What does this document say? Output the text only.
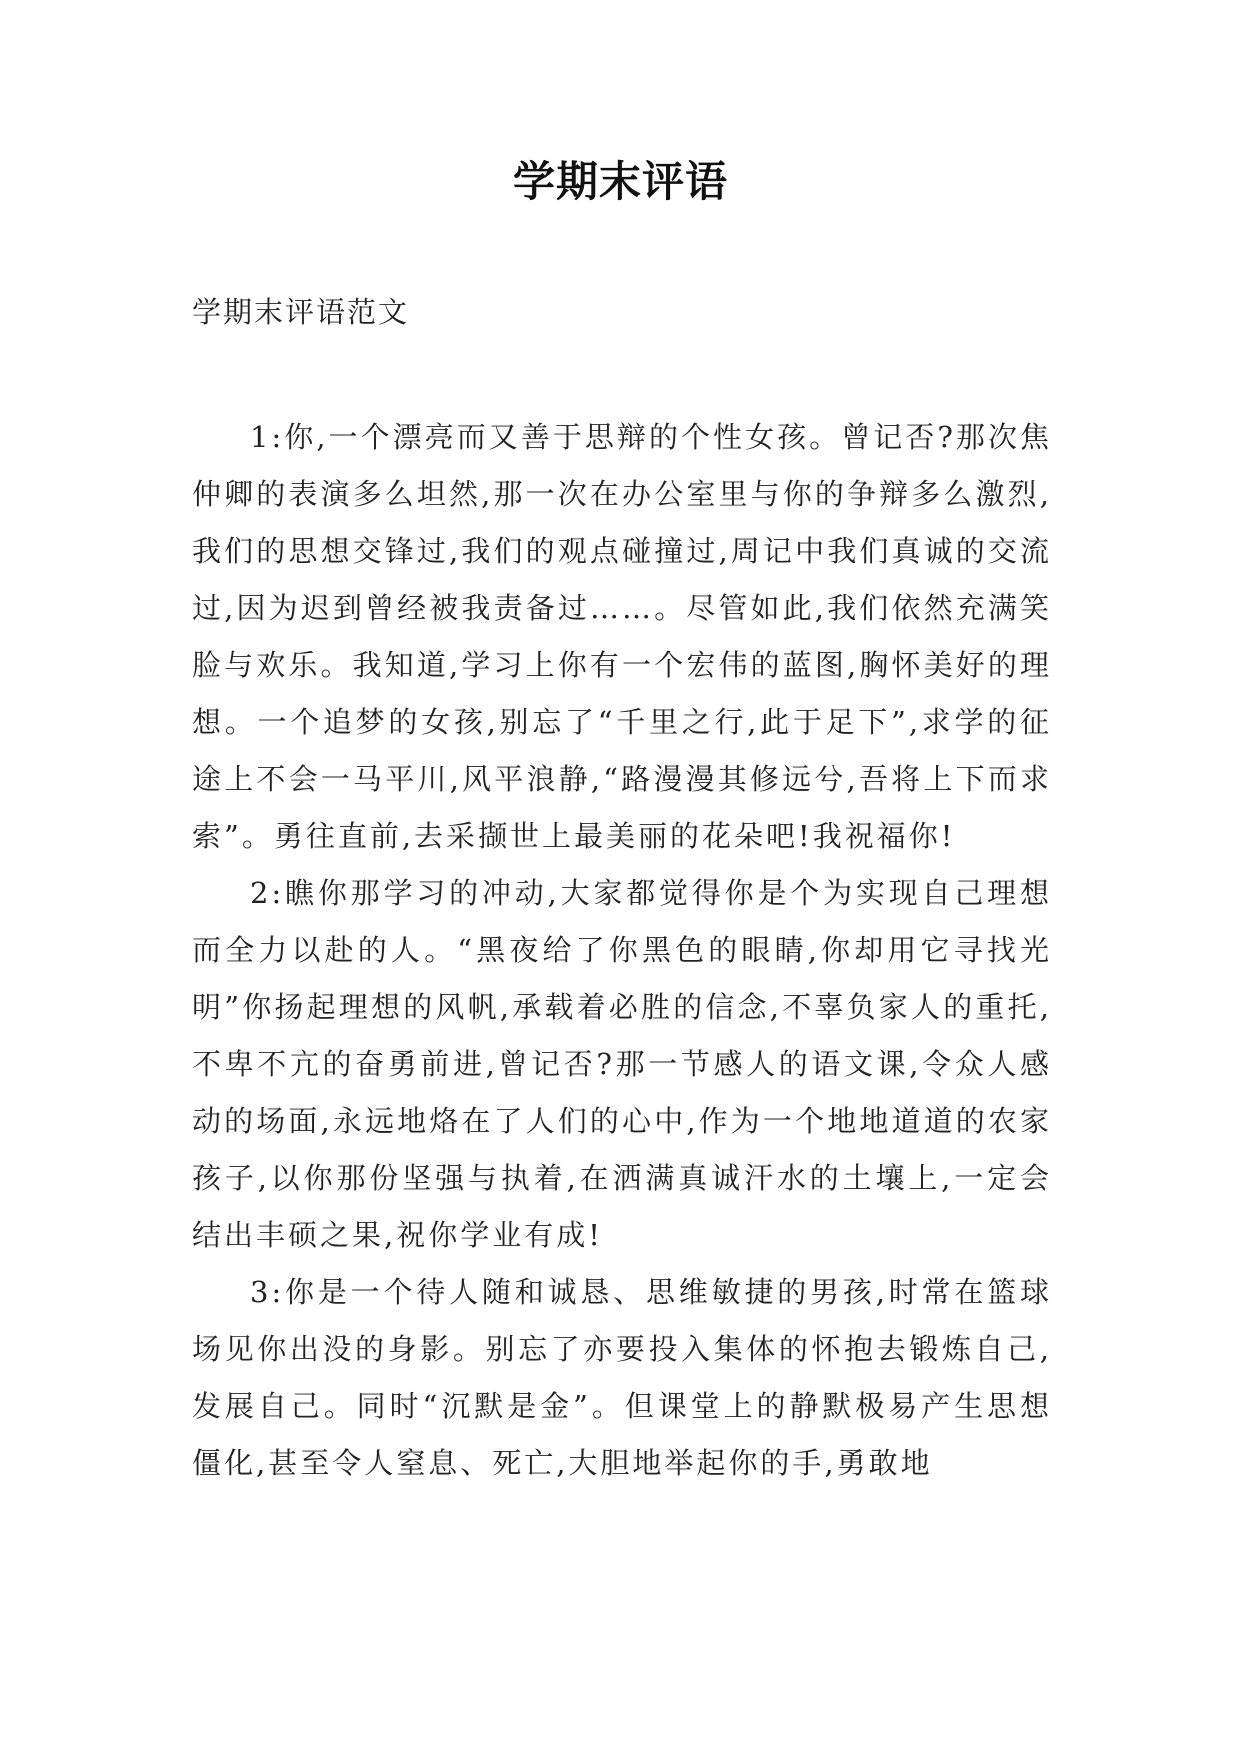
学期末评语
学期末评语范文

1:你,一个漂亮而又善于思辩的个性女孩。曾记否?那次焦仲卿的表演多么坦然,那一次在办公室里与你的争辩多么激烈,我们的思想交锋过,我们的观点碰撞过,周记中我们真诚的交流过,因为迟到曾经被我责备过……。尽管如此,我们依然充满笑脸与欢乐。我知道,学习上你有一个宏伟的蓝图,胸怀美好的理想。一个追梦的女孩,别忘了“千里之行,此于足下”,求学的征途上不会一马平川,风平浪静,“路漫漫其修远兮,吾将上下而求索”。勇往直前,去采撷世上最美丽的花朵吧!我祝福你!

2:瞧你那学习的冲动,大家都觉得你是个为实现自己理想而全力以赴的人。“黑夜给了你黑色的眼睛,你却用它寻找光明”你扬起理想的风帆,承载着必胜的信念,不辜负家人的重托,不卑不亢的奋勇前进,曾记否?那一节感人的语文课,令众人感动的场面,永远地烙在了人们的心中,作为一个地地道道的农家孩子,以你那份坚强与执着,在洒满真诚汗水的土壤上,一定会结出丰硕之果,祝你学业有成!

3:你是一个待人随和诚恳、思维敏捷的男孩,时常在篮球场见你出没的身影。别忘了亦要投入集体的怀抱去锻炼自己,发展自己。同时“沉默是金”。但课堂上的静默极易产生思想僵化,甚至令人窒息、死亡,大胆地举起你的手,勇敢地
